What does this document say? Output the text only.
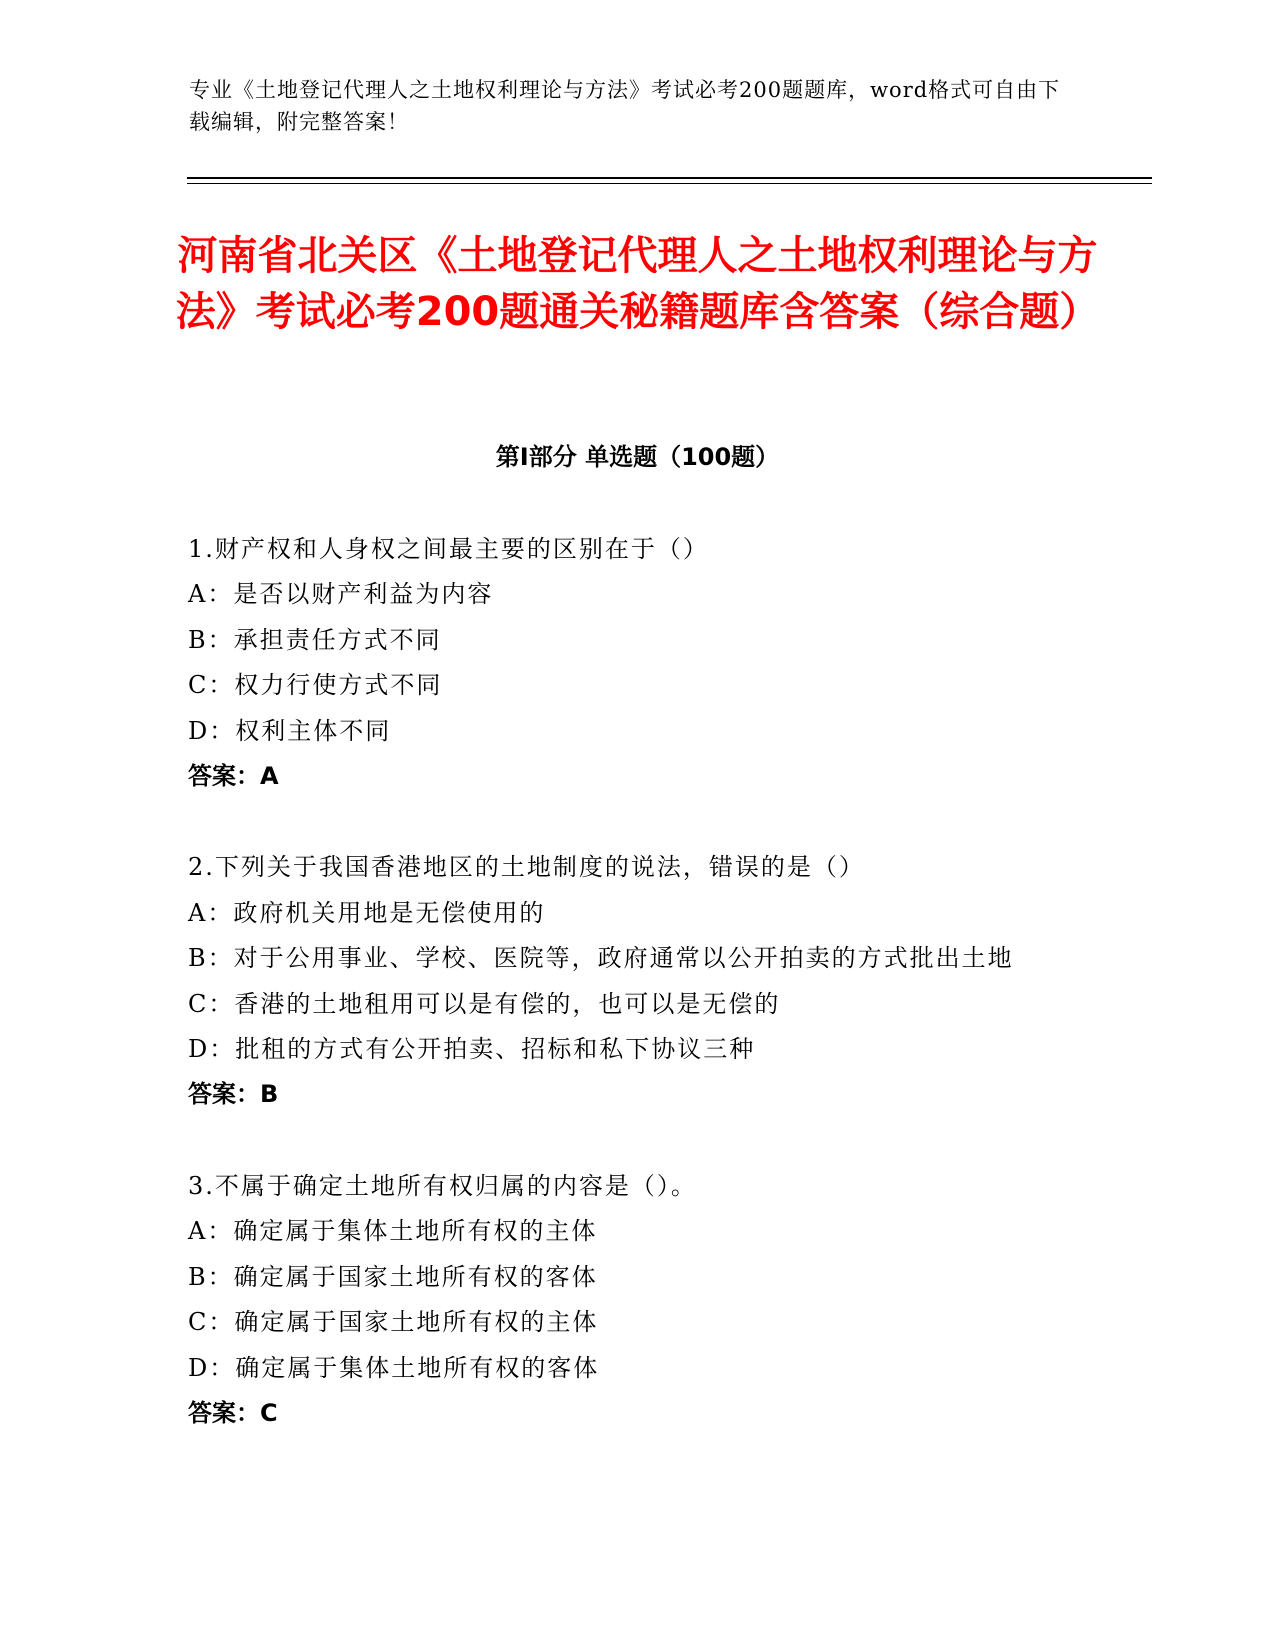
专业《土地登记代理人之土地权利理论与方法》考试必考200题题库，word格式可自由下载编辑，附完整答案！

河南省北关区《土地登记代理人之土地权利理论与方法》考试必考200题通关秘籍题库含答案（综合题）
第Ⅰ部分 单选题（100题）
1.财产权和人身权之间最主要的区别在于（）
A：是否以财产利益为内容
B：承担责任方式不同
C：权力行使方式不同
D：权利主体不同
答案：A
2.下列关于我国香港地区的土地制度的说法，错误的是（）
A：政府机关用地是无偿使用的
B：对于公用事业、学校、医院等，政府通常以公开拍卖的方式批出土地
C：香港的土地租用可以是有偿的，也可以是无偿的
D：批租的方式有公开拍卖、招标和私下协议三种
答案：B
3.不属于确定土地所有权归属的内容是（）。
A：确定属于集体土地所有权的主体
B：确定属于国家土地所有权的客体
C：确定属于国家土地所有权的主体
D：确定属于集体土地所有权的客体
答案：C
